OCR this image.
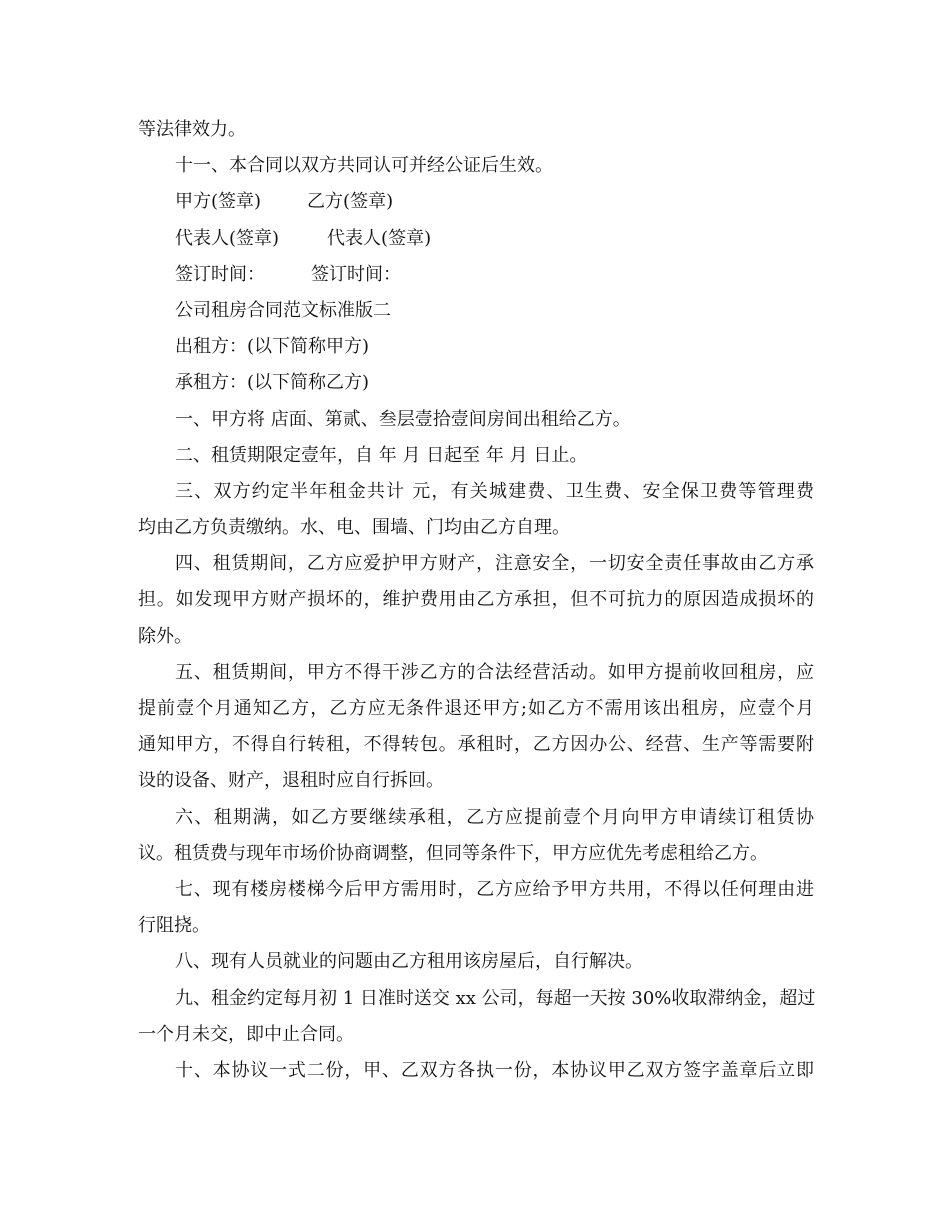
等法律效力。
十一、本合同以双方共同认可并经公证后生效。
甲方(签章)	乙方(签章)
代表人(签章)	代表人(签章)
签订时间：	签订时间：
公司租房合同范文标准版二
出租方：(以下简称甲方)
承租方：(以下简称乙方)
一、甲方将 店面、第贰、叁层壹拾壹间房间出租给乙方。
二、租赁期限定壹年，自 年 月 日起至 年 月 日止。
三、双方约定半年租金共计 元，有关城建费、卫生费、安全保卫费等管理费
均由乙方负责缴纳。水、电、围墙、门均由乙方自理。
四、租赁期间，乙方应爱护甲方财产，注意安全，一切安全责任事故由乙方承
担。如发现甲方财产损坏的，维护费用由乙方承担，但不可抗力的原因造成损坏的
除外。
五、租赁期间，甲方不得干涉乙方的合法经营活动。如甲方提前收回租房，应
提前壹个月通知乙方，乙方应无条件退还甲方;如乙方不需用该出租房，应壹个月
通知甲方，不得自行转租，不得转包。承租时，乙方因办公、经营、生产等需要附
设的设备、财产，退租时应自行拆回。
六、租期满，如乙方要继续承租，乙方应提前壹个月向甲方申请续订租赁协
议。租赁费与现年市场价协商调整，但同等条件下，甲方应优先考虑租给乙方。
七、现有楼房楼梯今后甲方需用时，乙方应给予甲方共用，不得以任何理由进
行阻挠。
八、现有人员就业的问题由乙方租用该房屋后，自行解决。
九、租金约定每月初 1 日准时送交 xx 公司，每超一天按 30%收取滞纳金，超过
一个月未交，即中止合同。
十、本协议一式二份，甲、乙双方各执一份，本协议甲乙双方签字盖章后立即
